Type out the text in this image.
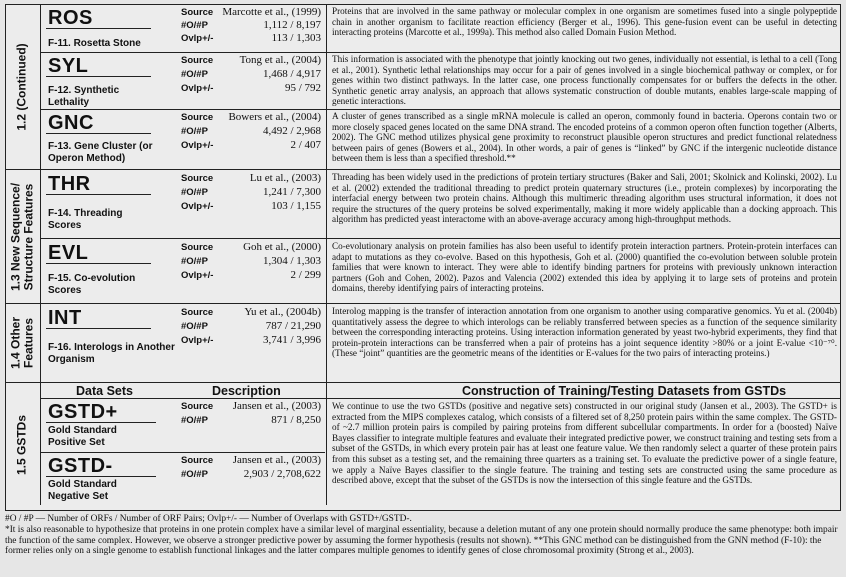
1.2 (Continued)
1.3 New Sequence/ Structure Features
1.4 Other Features
1.5 GSTDs
ROS
F-11. Rosetta Stone
Source
#O/#P
Ovlp+/-
Marcotte et al., (1999)
1,112 / 8,197
113 / 1,303
Proteins that are involved in the same pathway or molecular complex in one organism are sometimes fused into a single polypeptide chain in another organism to facilitate reaction efficiency (Berger et al., 1996). This gene-fusion event can be useful in detecting interacting proteins (Marcotte et al., 1999a). This method also called Domain Fusion Method.
SYL
F-12. Synthetic Lethality
Source
#O/#P
Ovlp+/-
Tong et al., (2004)
1,468 / 4,917
95 / 792
This information is associated with the phenotype that jointly knocking out two genes, individually not essential, is lethal to a cell (Tong et al., 2001). Synthetic lethal relationships may occur for a pair of genes involved in a single biochemical pathway or complex, or for genes within two distinct pathways. In the latter case, one process functionally compensates for or buffers the defects in the other. Synthetic genetic array analysis, an approach that allows systematic construction of double mutants, enables large-scale mapping of genetic interactions.
GNC
F-13. Gene Cluster (or Operon Method)
Source
#O/#P
Ovlp+/-
Bowers et al., (2004)
4,492 / 2,968
2 / 407
A cluster of genes transcribed as a single mRNA molecule is called an operon, commonly found in bacteria. Operons contain two or more closely spaced genes located on the same DNA strand. The encoded proteins of a common operon often function together (Alberts, 2002). The GNC method utilizes physical gene proximity to reconstruct plausible operon structures and predict functional relatedness between pairs of genes (Bowers et al., 2004). In other words, a pair of genes is “linked” by GNC if the intergenic nucleotide distance between them is less than a specified threshold.**
THR
F-14. Threading Scores
Source
#O/#P
Ovlp+/-
Lu et al., (2003)
1,241 / 7,300
103 / 1,155
Threading has been widely used in the predictions of protein tertiary structures (Baker and Sali, 2001; Skolnick and Kolinski, 2002). Lu et al. (2002) extended the traditional threading to predict protein quaternary structures (i.e., protein complexes) by incorporating the interfacial energy between two protein chains. Although this multimeric threading algorithm uses structural information, it does not require the structures of the query proteins be solved experimentally, making it more widely applicable than a docking approach. This algorithm has predicted yeast interactome with an above-average accuracy among high-throughput methods.
EVL
F-15. Co-evolution Scores
Source
#O/#P
Ovlp+/-
Goh et al., (2000)
1,304 / 1,303
2 / 299
Co-evolutionary analysis on protein families has also been useful to identify protein interaction partners. Protein-protein interfaces can adapt to mutations as they co-evolve. Based on this hypothesis, Goh et al. (2000) quantified the co-evolution between soluble protein families that were known to interact. They were able to identify binding partners for proteins with previously unknown interaction partners (Goh and Cohen, 2002). Pazos and Valencia (2002) extended this idea by applying it to large sets of proteins and protein domains, thereby identifying pairs of interacting proteins.
INT
F-16. Interologs in Another Organism
Source
#O/#P
Ovlp+/-
Yu et al., (2004b)
787 / 21,290
3,741 / 3,996
Interolog mapping is the transfer of interaction annotation from one organism to another using comparative genomics. Yu et al. (2004b) quantitatively assess the degree to which interologs can be reliably transferred between species as a function of the sequence similarity between the corresponding interacting proteins. Using interaction information generated by yeast two-hybrid experiments, they find that protein-protein interactions can be transferred when a pair of proteins has a joint sequence identity >80% or a joint E-value <10⁻⁷⁰. (These “joint” quantities are the geometric means of the identities or E-values for the two pairs of interacting proteins.)
Data Sets	Description	Construction of Training/Testing Datasets from GSTDs
GSTD+
Gold Standard Positive Set
Source
#O/#P
Jansen et al., (2003)
871 / 8,250
GSTD-
Gold Standard Negative Set
Source
#O/#P
Jansen et al., (2003)
2,903 / 2,708,622
We continue to use the two GSTDs (positive and negative sets) constructed in our original study (Jansen et al., 2003). The GSTD+ is extracted from the MIPS complexes catalog, which consists of a filtered set of 8,250 protein pairs within the same complex. The GSTD- of ~2.7 million protein pairs is compiled by pairing proteins from different subcellular compartments. In order for a (boosted) Naïve Bayes classifier to integrate multiple features and evaluate their integrated predictive power, we construct training and testing sets from a subset of the GSTDs, in which every protein pair has at least one feature value. We then randomly select a quarter of these protein pairs from this subset as a testing set, and the remaining three quarters as a training set. To evaluate the predictive power of a single feature, we apply a Naïve Bayes classifier to the single feature. The training and testing sets are constructed using the same procedure as described above, except that the subset of the GSTDs is now the intersection of this single feature and the GSTDs.
#O / #P — Number of ORFs / Number of ORF Pairs; Ovlp+/- — Number of Overlaps with GSTD+/GSTD-.
*It is also reasonable to hypothesize that proteins in one protein complex have a similar level of marginal essentiality, because a deletion mutant of any one protein should normally produce the same phenotype: both impair the function of the same complex. However, we observe a stronger predictive power by assuming the former hypothesis (results not shown). **This GNC method can be distinguished from the GNN method (F-10): the former relies only on a single genome to establish functional linkages and the latter compares multiple genomes to identify genes of close chromosomal proximity (Strong et al., 2003).
